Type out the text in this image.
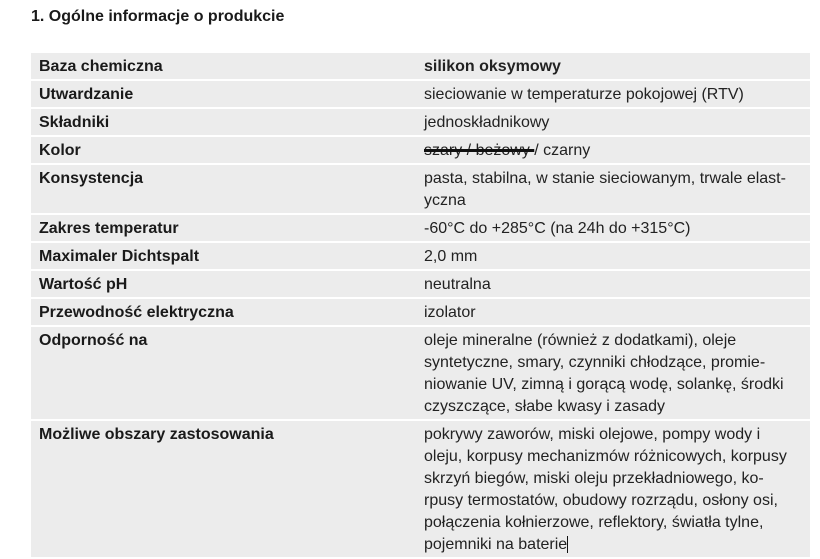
1. Ogólne informacje o produkcie
Baza chemiczna	silikon oksymowy
Utwardzanie	sieciowanie w temperaturze pokojowej (RTV)
Składniki	jednoskładnikowy
Kolor	szary / beżowy / czarny
Konsystencja	pasta, stabilna, w stanie sieciowanym, trwale elast-
yczna
Zakres temperatur	-60°C do +285°C (na 24h do +315°C)
Maximaler Dichtspalt	2,0 mm
Wartość pH	neutralna
Przewodność elektryczna	izolator
Odporność na	oleje mineralne (również z dodatkami), oleje
syntetyczne, smary, czynniki chłodzące, promie-
niowanie UV, zimną i gorącą wodę, solankę, środki
czyszczące, słabe kwasy i zasady
Możliwe obszary zastosowania	pokrywy zaworów, miski olejowe, pompy wody i
oleju, korpusy mechanizmów różnicowych, korpusy
skrzyń biegów, miski oleju przekładniowego, ko-
rpusy termostatów, obudowy rozrządu, osłony osi,
połączenia kołnierzowe, reflektory, światła tylne,
pojemniki na baterie
